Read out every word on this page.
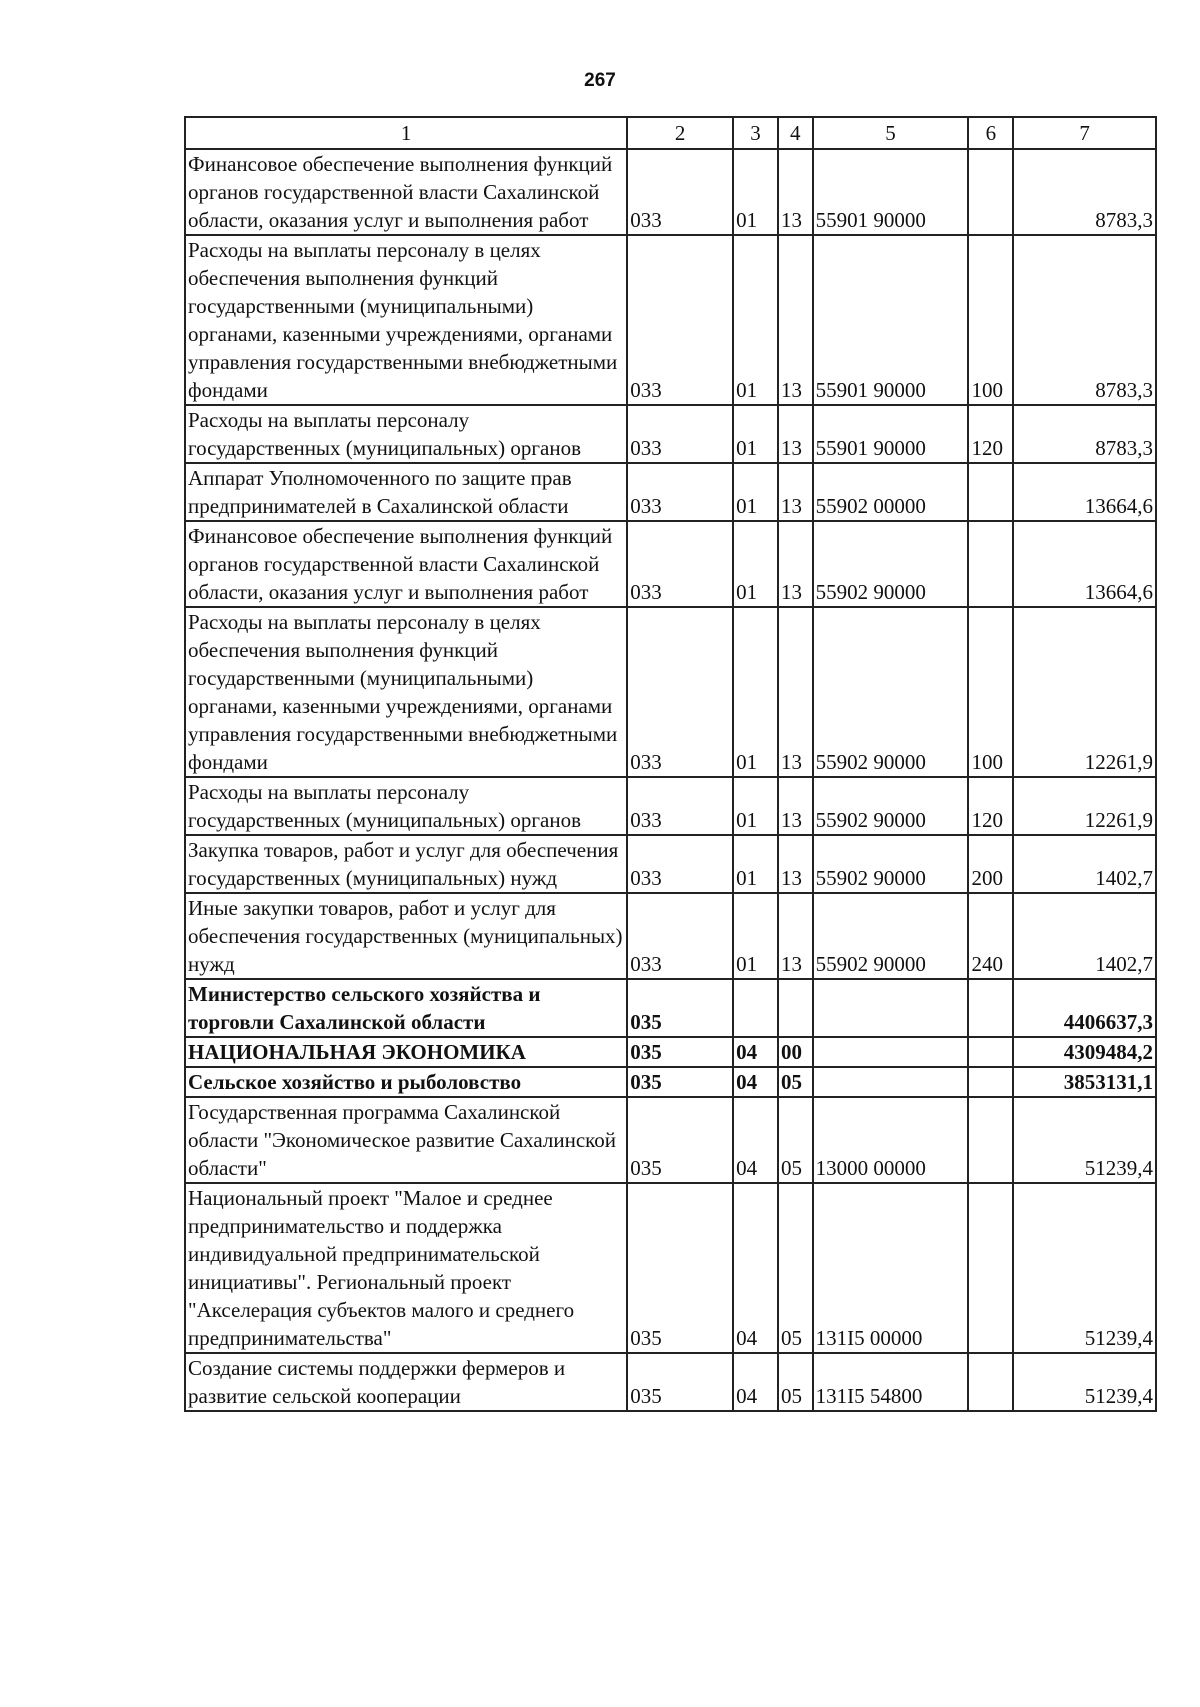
267
1	2	3	4	5	6	7
Финансовое обеспечение выполнения функций органов государственной власти Сахалинской области, оказания услуг и выполнения работ	033	01	13	55901 90000		8783,3
Расходы на выплаты персоналу в целях обеспечения выполнения функций государственными (муниципальными) органами, казенными учреждениями, органами управления государственными внебюджетными фондами	033	01	13	55901 90000	100	8783,3
Расходы на выплаты персоналу государственных (муниципальных) органов	033	01	13	55901 90000	120	8783,3
Аппарат Уполномоченного по защите прав предпринимателей в Сахалинской области	033	01	13	55902 00000		13664,6
Финансовое обеспечение выполнения функций органов государственной власти Сахалинской области, оказания услуг и выполнения работ	033	01	13	55902 90000		13664,6
Расходы на выплаты персоналу в целях обеспечения выполнения функций государственными (муниципальными) органами, казенными учреждениями, органами управления государственными внебюджетными фондами	033	01	13	55902 90000	100	12261,9
Расходы на выплаты персоналу государственных (муниципальных) органов	033	01	13	55902 90000	120	12261,9
Закупка товаров, работ и услуг для обеспечения государственных (муниципальных) нужд	033	01	13	55902 90000	200	1402,7
Иные закупки товаров, работ и услуг для обеспечения государственных (муниципальных) нужд	033	01	13	55902 90000	240	1402,7
Министерство сельского хозяйства и торговли Сахалинской области	035					4406637,3
НАЦИОНАЛЬНАЯ ЭКОНОМИКА	035	04	00			4309484,2
Сельское хозяйство и рыболовство	035	04	05			3853131,1
Государственная программа Сахалинской области "Экономическое развитие Сахалинской области"	035	04	05	13000 00000		51239,4
Национальный проект "Малое и среднее предпринимательство и поддержка индивидуальной предпринимательской инициативы". Региональный проект "Акселерация субъектов малого и среднего предпринимательства"	035	04	05	131I5 00000		51239,4
Создание системы поддержки фермеров и развитие сельской кооперации	035	04	05	131I5 54800		51239,4
